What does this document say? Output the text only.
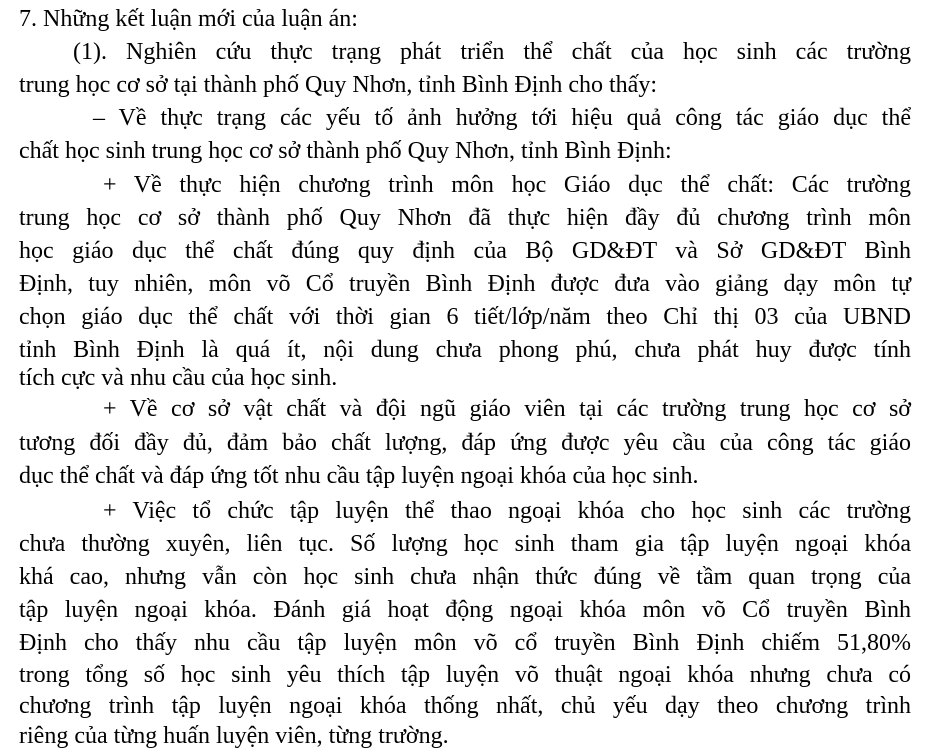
7. Những kết luận mới của luận án:
(1). Nghiên cứu thực trạng phát triển thể chất của học sinh các trường
trung học cơ sở tại thành phố Quy Nhơn, tỉnh Bình Định cho thấy:
– Về thực trạng các yếu tố ảnh hưởng tới hiệu quả công tác giáo dục thể
chất học sinh trung học cơ sở thành phố Quy Nhơn, tỉnh Bình Định:
+ Về thực hiện chương trình môn học Giáo dục thể chất: Các trường
trung học cơ sở thành phố Quy Nhơn đã thực hiện đầy đủ chương trình môn
học giáo dục thể chất đúng quy định của Bộ GD&ĐT và Sở GD&ĐT Bình
Định, tuy nhiên, môn võ Cổ truyền Bình Định được đưa vào giảng dạy môn tự
chọn giáo dục thể chất với thời gian 6 tiết/lớp/năm theo Chỉ thị 03 của UBND
tỉnh Bình Định là quá ít, nội dung chưa phong phú, chưa phát huy được tính
tích cực và nhu cầu của học sinh.
+ Về cơ sở vật chất và đội ngũ giáo viên tại các trường trung học cơ sở
tương đối đầy đủ, đảm bảo chất lượng, đáp ứng được yêu cầu của công tác giáo
dục thể chất và đáp ứng tốt nhu cầu tập luyện ngoại khóa của học sinh.
+ Việc tổ chức tập luyện thể thao ngoại khóa cho học sinh các trường
chưa thường xuyên, liên tục. Số lượng học sinh tham gia tập luyện ngoại khóa
khá cao, nhưng vẫn còn học sinh chưa nhận thức đúng về tầm quan trọng của
tập luyện ngoại khóa. Đánh giá hoạt động ngoại khóa môn võ Cổ truyền Bình
Định cho thấy nhu cầu tập luyện môn võ cổ truyền Bình Định chiếm 51,80%
trong tổng số học sinh yêu thích tập luyện võ thuật ngoại khóa nhưng chưa có
chương trình tập luyện ngoại khóa thống nhất, chủ yếu dạy theo chương trình
riêng của từng huấn luyện viên, từng trường.
